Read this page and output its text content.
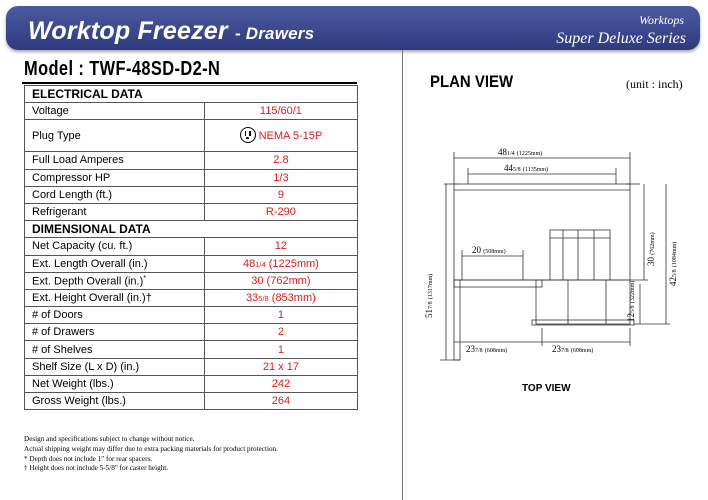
Worktop Freezer - Drawers
Worktops
Super Deluxe Series
Model : TWF-48SD-D2-N
ELECTRICAL DATA	
Voltage	115/60/1
Plug Type	NEMA 5-15P
Full Load Amperes	2.8
Compressor HP	1/3
Cord Length (ft.)	9
Refrigerant	R-290
DIMENSIONAL DATA	
Net Capacity (cu. ft.)	12
Ext. Length Overall (in.)	481/4 (1225mm)
Ext. Depth Overall (in.)*	30 (762mm)
Ext. Height Overall (in.)†	335/8 (853mm)
# of Doors	1
# of Drawers	2
# of Shelves	1
Shelf Size (L x D) (in.)	21 x 17
Net Weight (lbs.)	242
Gross Weight (lbs.)	264
Design and specifications subject to change without notice.
Actual shipping weight may differ due to extra packing materials for product protection.
* Depth does not include 1" for rear spacers.
† Height does not include 5-5/8" for caster height.
PLAN VIEW	(unit : inch)
481/4 (1225mm)
445/8 (1135mm)
20 (508mm)
237/8 (608mm)	237/8 (608mm)
517/8 (1317mm)
30 (762mm)
425/8 (1084mm)
125/8 (322mm)
TOP VIEW
